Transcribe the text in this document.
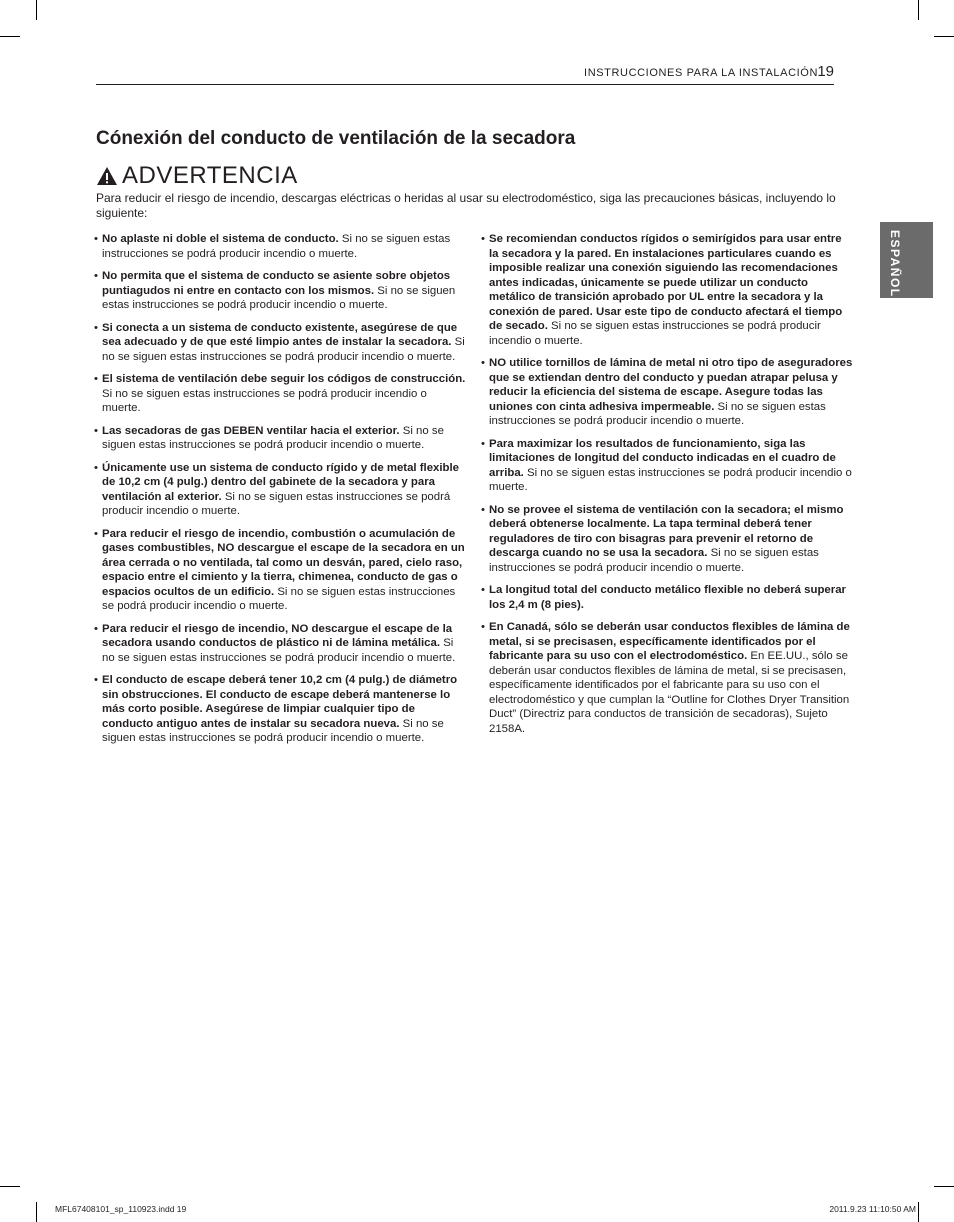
INSTRUCCIONES PARA LA INSTALACIÓN 19
ESPAÑOL
Cónexión del conducto de ventilación de la secadora
ADVERTENCIA

Para reducir el riesgo de incendio, descargas eléctricas o heridas al usar su electrodoméstico, siga las precauciones básicas, incluyendo lo siguiente:

• No aplaste ni doble el sistema de conducto. Si no se siguen estas instrucciones se podrá producir incendio o muerte.
• No permita que el sistema de conducto se asiente sobre objetos puntiagudos ni entre en contacto con los mismos. Si no se siguen estas instrucciones se podrá producir incendio o muerte.
• Si conecta a un sistema de conducto existente, asegúrese de que sea adecuado y de que esté limpio antes de instalar la secadora. Si no se siguen estas instrucciones se podrá producir incendio o muerte.
• El sistema de ventilación debe seguir los códigos de construcción. Si no se siguen estas instrucciones se podrá producir incendio o muerte.
• Las secadoras de gas DEBEN ventilar hacia el exterior. Si no se siguen estas instrucciones se podrá producir incendio o muerte.
• Únicamente use un sistema de conducto rígido y de metal flexible de 10,2 cm (4 pulg.) dentro del gabinete de la secadora y para ventilación al exterior. Si no se siguen estas instrucciones se podrá producir incendio o muerte.
• Para reducir el riesgo de incendio, combustión o acumulación de gases combustibles, NO descargue el escape de la secadora en un área cerrada o no ventilada, tal como un desván, pared, cielo raso, espacio entre el cimiento y la tierra, chimenea, conducto de gas o espacios ocultos de un edificio. Si no se siguen estas instrucciones se podrá producir incendio o muerte.
• Para reducir el riesgo de incendio, NO descargue el escape de la secadora usando conductos de plástico ni de lámina metálica. Si no se siguen estas instrucciones se podrá producir incendio o muerte.
• El conducto de escape deberá tener 10,2 cm (4 pulg.) de diámetro sin obstrucciones. El conducto de escape deberá mantenerse lo más corto posible. Asegúrese de limpiar cualquier tipo de conducto antiguo antes de instalar su secadora nueva. Si no se siguen estas instrucciones se podrá producir incendio o muerte.
• Se recomiendan conductos rígidos o semirígidos para usar entre la secadora y la pared. En instalaciones particulares cuando es imposible realizar una conexión siguiendo las recomendaciones antes indicadas, únicamente se puede utilizar un conducto metálico de transición aprobado por UL entre la secadora y la conexión de pared. Usar este tipo de conducto afectará el tiempo de secado. Si no se siguen estas instrucciones se podrá producir incendio o muerte.
• NO utilice tornillos de lámina de metal ni otro tipo de aseguradores que se extiendan dentro del conducto y puedan atrapar pelusa y reducir la eficiencia del sistema de escape. Asegure todas las uniones con cinta adhesiva impermeable. Si no se siguen estas instrucciones se podrá producir incendio o muerte.
• Para maximizar los resultados de funcionamiento, siga las limitaciones de longitud del conducto indicadas en el cuadro de arriba. Si no se siguen estas instrucciones se podrá producir incendio o muerte.
• No se provee el sistema de ventilación con la secadora; el mismo deberá obtenerse localmente. La tapa terminal deberá tener reguladores de tiro con bisagras para prevenir el retorno de descarga cuando no se usa la secadora. Si no se siguen estas instrucciones se podrá producir incendio o muerte.
• La longitud total del conducto metálico flexible no deberá superar los 2,4 m (8 pies).
• En Canadá, sólo se deberán usar conductos flexibles de lámina de metal, si se precisasen, específicamente identificados por el fabricante para su uso con el electrodoméstico. En EE.UU., sólo se deberán usar conductos flexibles de lámina de metal, si se precisasen, específicamente identificados por el fabricante para su uso con el electrodoméstico y que cumplan la “Outline for Clothes Dryer Transition Duct” (Directriz para conductos de transición de secadoras), Sujeto 2158A.
MFL67408101_sp_110923.indd 19	2011.9.23 11:10:50 AM
